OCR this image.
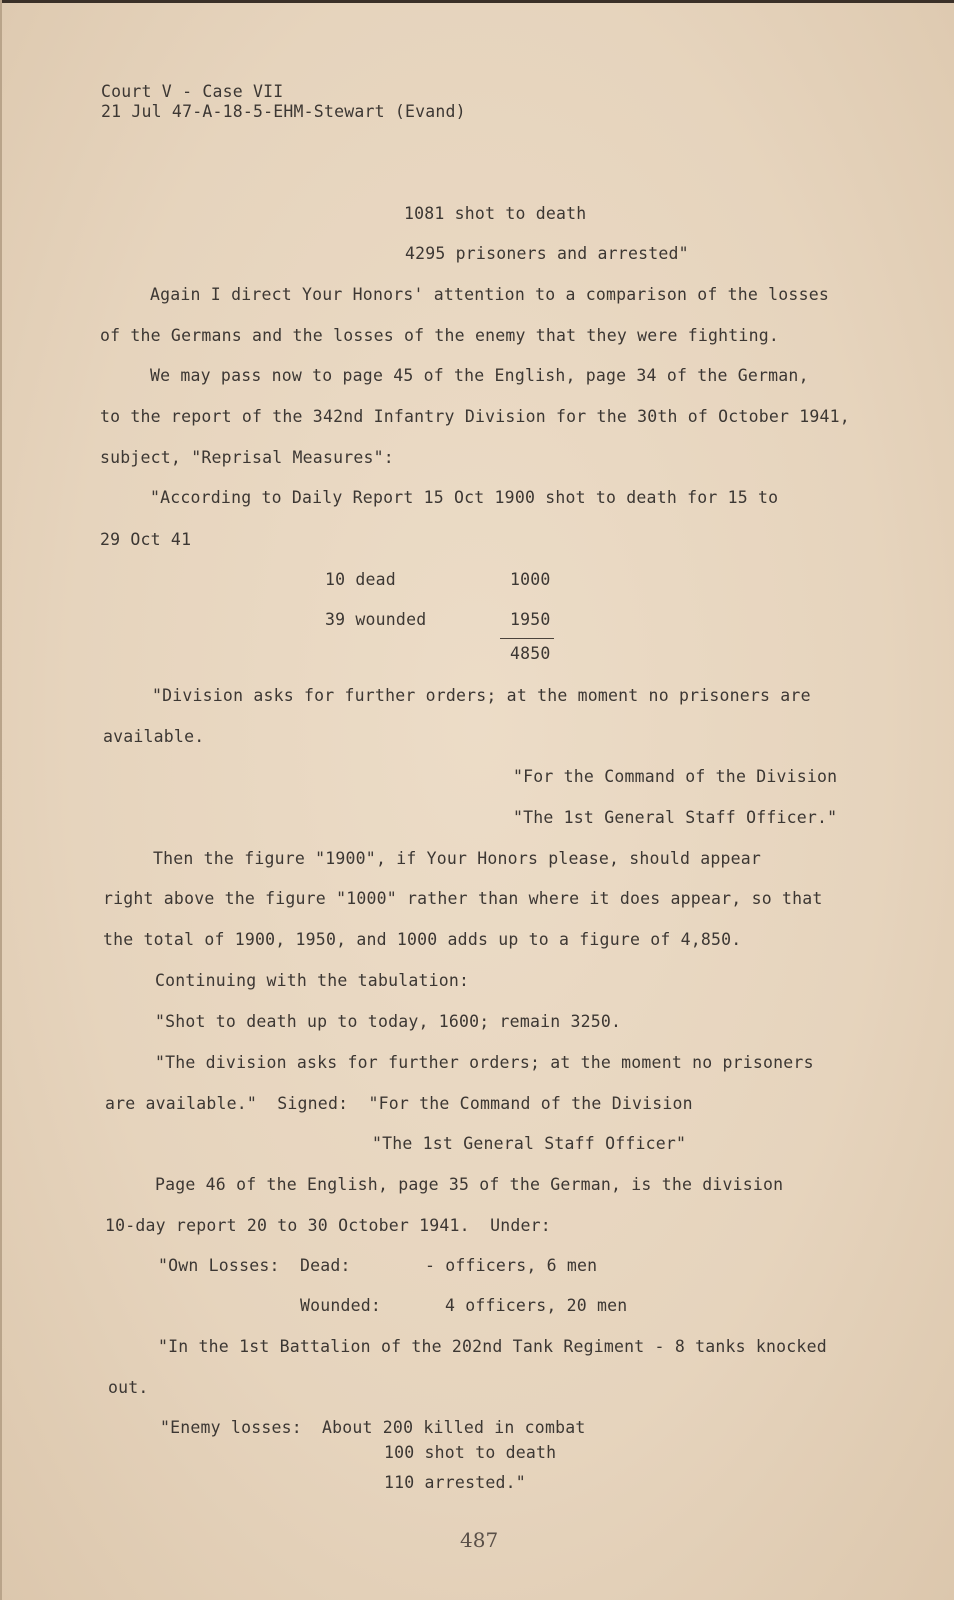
Court V - Case VII
21 Jul 47-A-18-5-EHM-Stewart (Evand)
1081 shot to death
4295 prisoners and arrested"
Again I direct Your Honors' attention to a comparison of the losses
of the Germans and the losses of the enemy that they were fighting.
We may pass now to page 45 of the English, page 34 of the German,
to the report of the 342nd Infantry Division for the 30th of October 1941,
subject, "Reprisal Measures":
"According to Daily Report 15 Oct 1900 shot to death for 15 to
29 Oct 41
10 dead	1000
39 wounded	1950
4850
"Division asks for further orders; at the moment no prisoners are
available.
"For the Command of the Division
"The 1st General Staff Officer."
Then the figure "1900", if Your Honors please, should appear
right above the figure "1000" rather than where it does appear, so that
the total of 1900, 1950, and 1000 adds up to a figure of 4,850.
Continuing with the tabulation:
"Shot to death up to today, 1600; remain 3250.
"The division asks for further orders; at the moment no prisoners
are available."  Signed:  "For the Command of the Division
"The 1st General Staff Officer"
Page 46 of the English, page 35 of the German, is the division
10-day report 20 to 30 October 1941.  Under:
"Own Losses: Dead:	- officers, 6 men
Wounded:	4 officers, 20 men
"In the 1st Battalion of the 202nd Tank Regiment - 8 tanks knocked
out.
"Enemy losses: About 200 killed in combat
100 shot to death
110 arrested."
487
